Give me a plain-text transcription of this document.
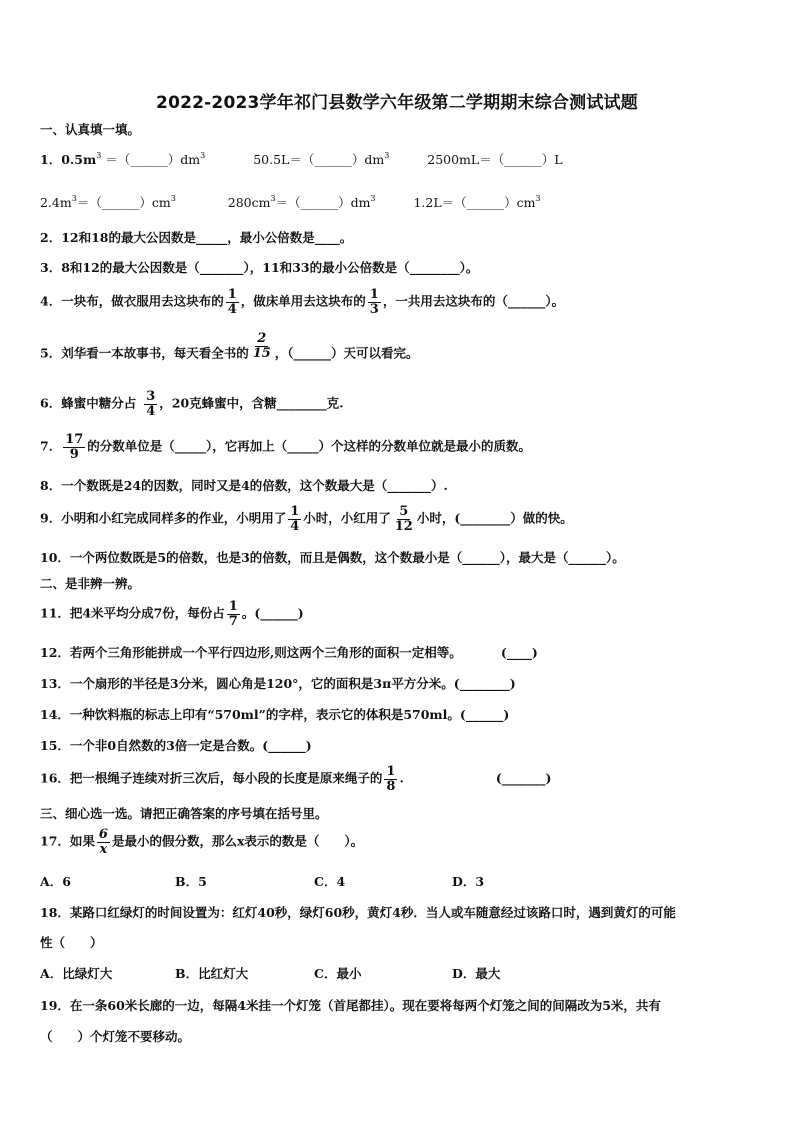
2022-2023学年祁门县数学六年级第二学期期末综合测试试题
一、认真填一填。
1．$0.5m^3$ $=(\_\_\_\_\_\_)dm^3$	$50.5L=(\_\_\_\_\_\_)dm^3$	2500mL＝（______）L
$2.4m^3=(\_\_\_\_\_\_)cm^3$	$280cm^3=(\_\_\_\_\_\_)dm^3$	$1.2L=(\_\_\_\_\_\_)cm^3$
2．12和18的最大公因数是_____，最小公倍数是____。
3．8和12的最大公因数是（_______），11和33的最小公倍数是（________）。
4．一块布，做衣服用去这块布的 $\frac{1}{4}$ ，做床单用去这块布的 $\frac{1}{3}$ ，一共用去这块布的（______）。
5．刘华看一本故事书，每天看全书的 $\frac{2}{15}$ ，（______）天可以看完。
6．蜂蜜中糖分占 $\frac{3}{4}$ ，20克蜂蜜中，含糖________克.
7． $\frac{17}{9}$ 的分数单位是（_____），它再加上（_____）个这样的分数单位就是最小的质数。
8．一个数既是24的因数，同时又是4的倍数，这个数最大是（_______）.
9．小明和小红完成同样多的作业，小明用了 $\frac{1}{4}$ 小时，小红用了 $\frac{5}{12}$ 小时，(________）做的快。
10．一个两位数既是5的倍数，也是3的倍数，而且是偶数，这个数最小是（______），最大是（______）。
二、是非辨一辨。
11．把4米平均分成7份，每份占 $\frac{1}{7}$ 。(______)
12．若两个三角形能拼成一个平行四边形,则这两个三角形的面积一定相等。         (____)
13．一个扇形的半径是3分米，圆心角是120°，它的面积是3π平方分米。(________)
14．一种饮料瓶的标志上印有“570ml”的字样，表示它的体积是570ml。(______)
15．一个非0自然数的3倍一定是合数。(______)
16．把一根绳子连续对折三次后，每小段的长度是原来绳子的 $\frac{1}{8}$ .	(_______)
三、细心选一选。请把正确答案的序号填在括号里。
17．如果 $\frac{6}{x}$ 是最小的假分数，那么x表示的数是（　　）。
A．6	B．5	C．4	D．3
18．某路口红绿灯的时间设置为：红灯40秒，绿灯60秒，黄灯4秒．当人或车随意经过该路口时，遇到黄灯的可能
性（　　）
A．比绿灯大	B．比红灯大	C．最小	D．最大
19．在一条60米长廊的一边，每隔4米挂一个灯笼（首尾都挂）。现在要将每两个灯笼之间的间隔改为5米，共有
（　　）个灯笼不要移动。
